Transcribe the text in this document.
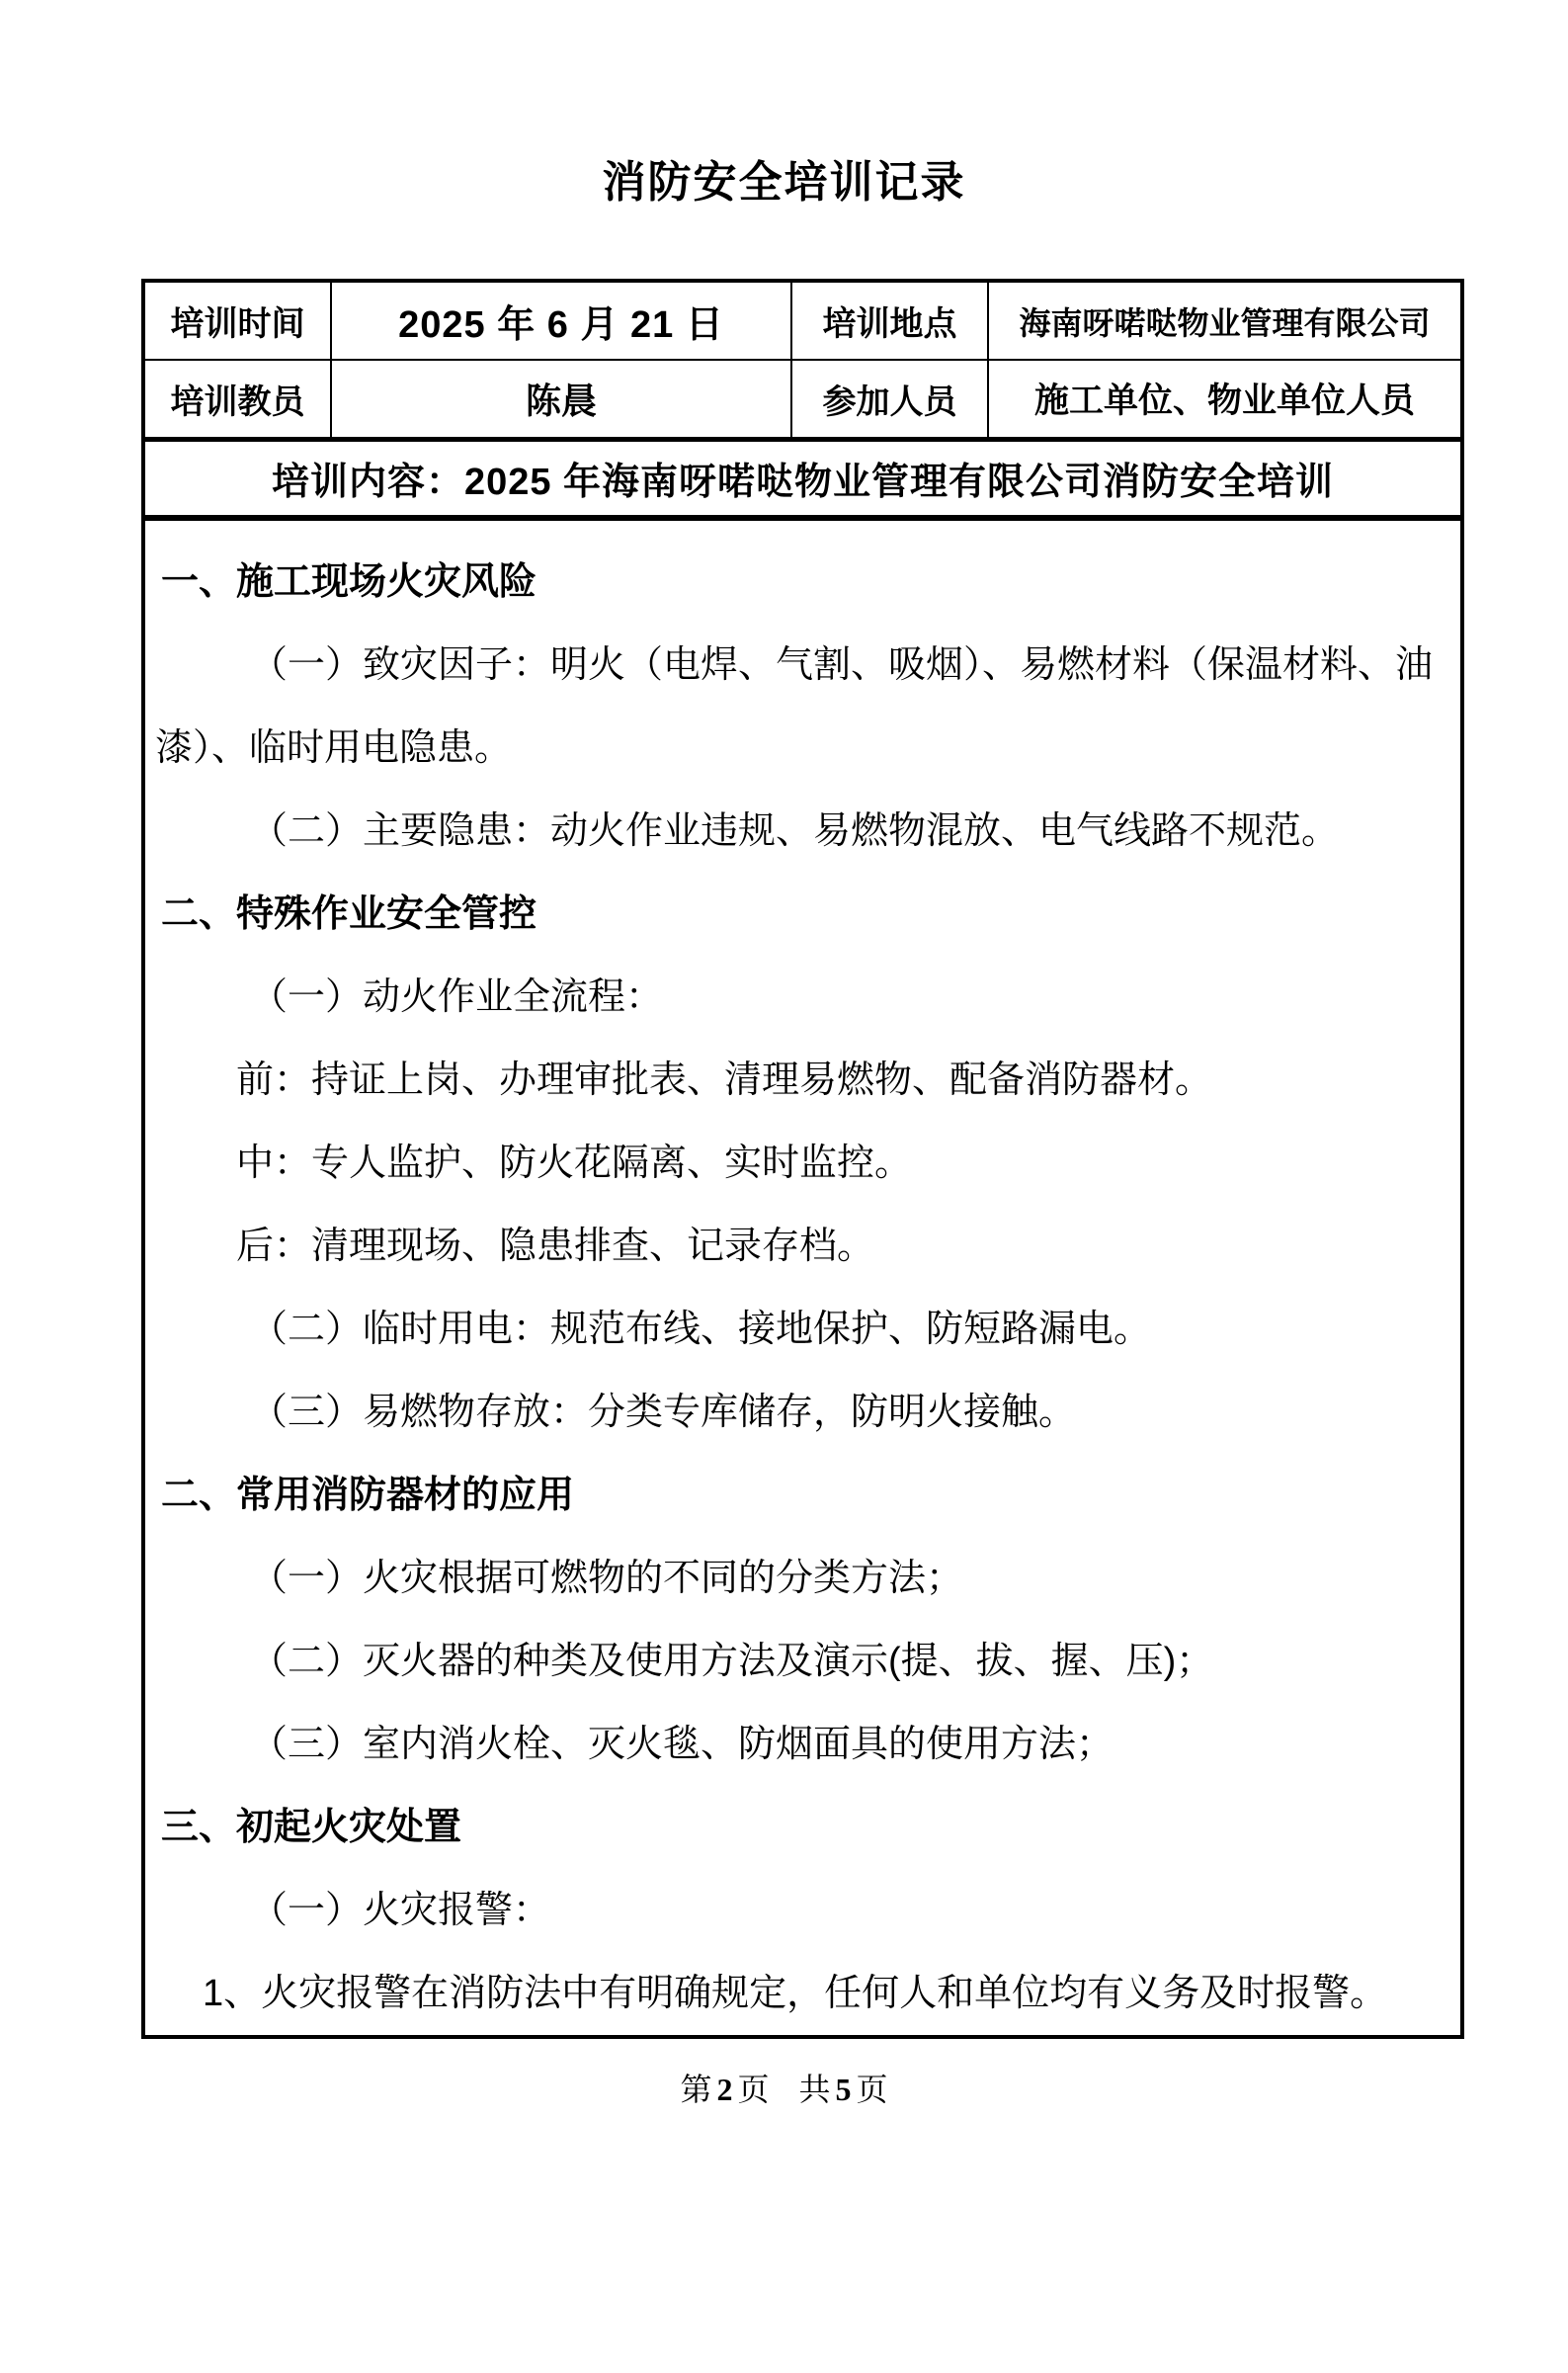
消防安全培训记录
培训时间	2025 年 6 月 21 日	培训地点	海南呀喏哒物业管理有限公司
培训教员	陈晨	参加人员	施工单位、物业单位人员
培训内容：2025 年海南呀喏哒物业管理有限公司消防安全培训			

一、施工现场火灾风险
（一）致灾因子：明火（电焊、气割、吸烟）、易燃材料（保温材料、油
漆）、临时用电隐患。
（二）主要隐患：动火作业违规、易燃物混放、电气线路不规范。
二、特殊作业安全管控
（一）动火作业全流程：
前：持证上岗、办理审批表、清理易燃物、配备消防器材。
中：专人监护、防火花隔离、实时监控。
后：清理现场、隐患排查、记录存档。
（二）临时用电：规范布线、接地保护、防短路漏电。
（三）易燃物存放：分类专库储存，防明火接触。
二、常用消防器材的应用
（一）火灾根据可燃物的不同的分类方法；
（二）灭火器的种类及使用方法及演示(提、拔、握、压)；
（三）室内消火栓、灭火毯、防烟面具的使用方法；
三、初起火灾处置
（一）火灾报警：
1、火灾报警在消防法中有明确规定，任何人和单位均有义务及时报警。
第 2 页 共 5 页
